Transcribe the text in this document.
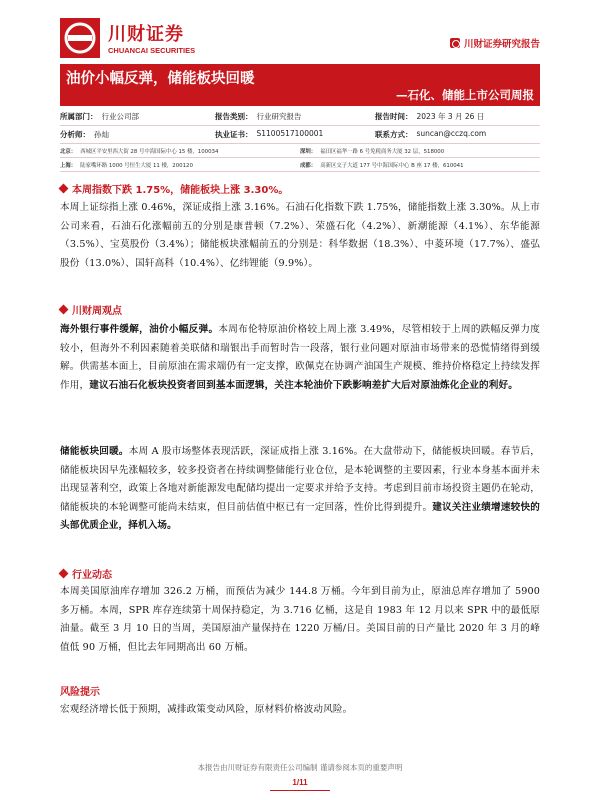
川财证券
CHUANCAI SECURITIES
川财证券研究报告
油价小幅反弹，储能板块回暖
—石化、储能上市公司周报
所属部门： 行业公司部	报告类别： 行业研究报告	报告时间： 2023 年 3 月 26 日
分析师： 孙灿	执业证书： S1100517100001	联系方式： suncan@cczq.com
北京： 西城区平安里西大街 28 号中海国际中心 15 楼，100034	深圳： 福田区福华一路 6 号免税商务大厦 32 层，518000
上海： 陆家嘴环路 1000 号恒生大厦 11 楼，200120	成都： 高新区交子大道 177 号中海国际中心 B 座 17 楼，610041
本周指数下跌 1.75%，储能板块上涨 3.30%。
本周上证综指上涨 0.46%，深证成指上涨 3.16%。石油石化指数下跌 1.75%，储能指数上涨 3.30%。从上市公司来看，石油石化涨幅前五的分别是康普顿（7.2%）、荣盛石化（4.2%）、新潮能源（4.1%）、东华能源（3.5%）、宝莫股份（3.4%）；储能板块涨幅前五的分别是：科华数据（18.3%）、中菱环境（17.7%）、盛弘股份（13.0%）、国轩高科（10.4%）、亿纬锂能（9.9%）。
川财周观点
海外银行事件缓解，油价小幅反弹。本周布伦特原油价格较上周上涨 3.49%，尽管相较于上周的跌幅反弹力度较小，但海外不利因素随着美联储和瑞银出手而暂时告一段落，银行业问题对原油市场带来的恐慌情绪得到缓解。供需基本面上，目前原油在需求端仍有一定支撑，欧佩克在协调产油国生产规模、维持价格稳定上持续发挥作用，建议石油石化板块投资者回到基本面逻辑，关注本轮油价下跌影响差扩大后对原油炼化企业的利好。
储能板块回暖。本周 A 股市场整体表现活跃，深证成指上涨 3.16%。在大盘带动下，储能板块回暖。春节后，储能板块因早先涨幅较多，较多投资者在持续调整储能行业仓位，是本轮调整的主要因素，行业本身基本面并未出现显著利空，政策上各地对新能源发电配储均提出一定要求并给予支持。考虑到目前市场投资主题仍在轮动，储能板块的本轮调整可能尚未结束，但目前估值中枢已有一定回落，性价比得到提升。建议关注业绩增速较快的头部优质企业，择机入场。
行业动态
本周美国原油库存增加 326.2 万桶，而预估为减少 144.8 万桶。今年到目前为止，原油总库存增加了 5900 多万桶。本周，SPR 库存连续第十周保持稳定，为 3.716 亿桶，这是自 1983 年 12 月以来 SPR 中的最低原油量。截至 3 月 10 日的当周，美国原油产量保持在 1220 万桶/日。美国目前的日产量比 2020 年 3 月的峰值低 90 万桶，但比去年同期高出 60 万桶。
风险提示
宏观经济增长低于预期，减排政策变动风险，原材料价格波动风险。
本报告由川财证券有限责任公司编制 谨请参阅本页的重要声明
1/11
